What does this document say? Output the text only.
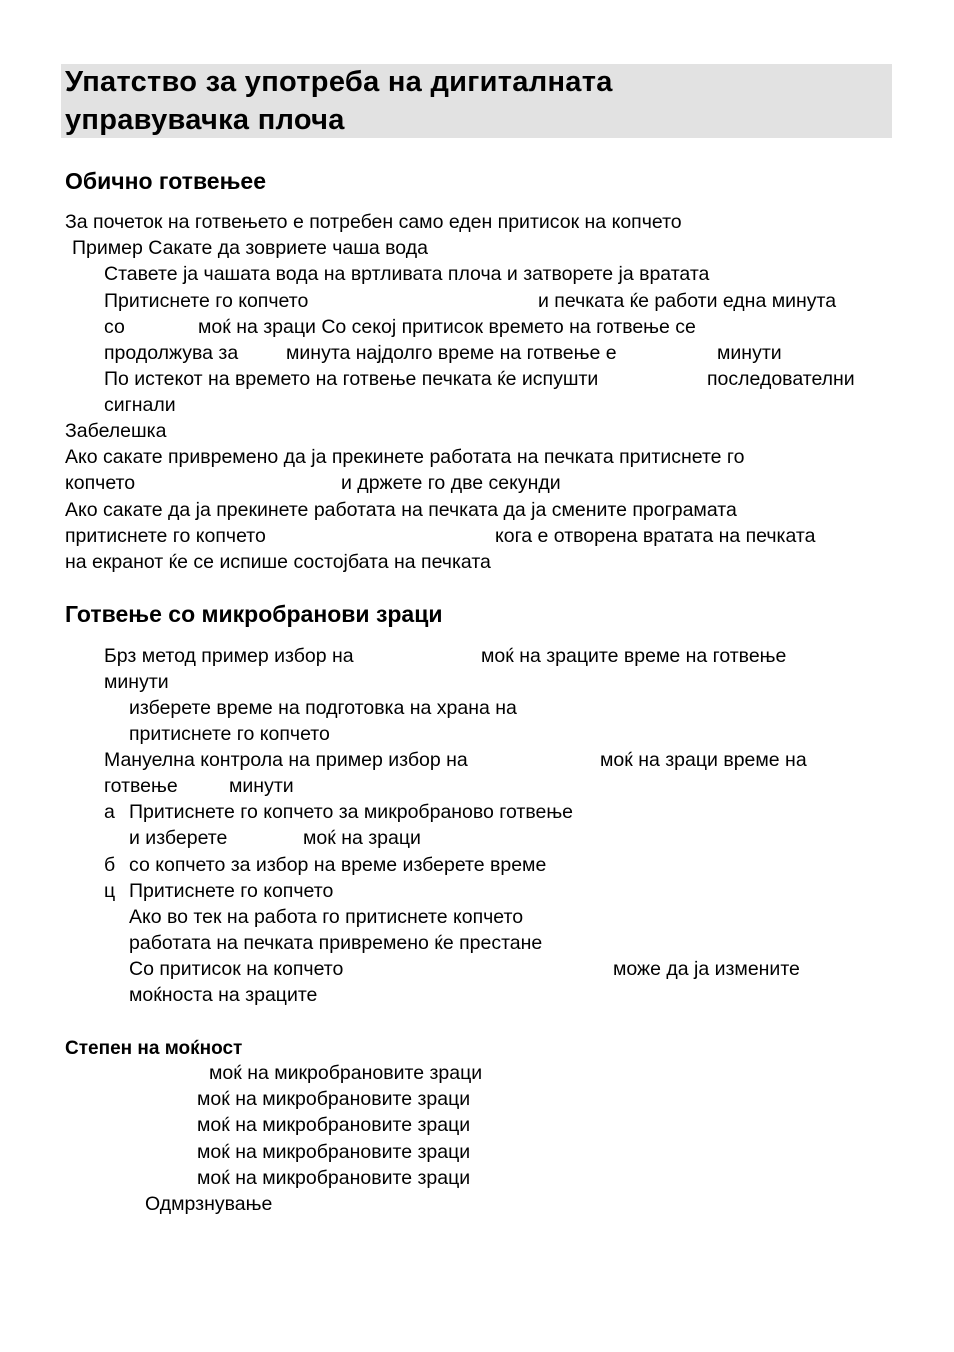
Упатство за употреба на дигиталната
управувачка плоча
Обично готвењее
За почеток на готвењето е потребен само еден притисок на копчето
Пример Сакате да зовриете чаша вода
Ставете ја чашата вода на вртливата плоча и затворете ја вратата
Притиснете го копчето	и печката ќе работи една минута
со	моќ на зраци Со секој притисок времето на готвење се
продолжува за минута најдолго време на готвење е	минути
По истекот на времето на готвење печката ќе испушти	последователни
сигнали
Забелешка
Ако сакате привремено да ја прекинете работата на печката притиснете го
копчето	и држете го две секунди
Ако сакате да ја прекинете работата на печката да ја смените програмата
притиснете го копчето	кога е отворена вратата на печката
на екранот ќе се испише состојбата на печката
Готвење со микробранови зраци
Брз метод пример избор на	моќ на зраците време на готвење
минути
изберете време на подготовка на храна на
притиснете го копчето
Мануелна контрола на пример избор на	моќ на зраци време на
готвење	минути
а Притиснете го копчето за микробраново готвење
и изберете	моќ на зраци
б со копчето за избор на време изберете време
ц Притиснете го копчето
Ако во тек на работа го притиснете копчето
работата на печката привремено ќе престане
Со притисок на копчето	може да ја измените
моќноста на зраците
Степен на моќност
моќ на микробрановите зраци
моќ на микробрановите зраци
моќ на микробрановите зраци
моќ на микробрановите зраци
моќ на микробрановите зраци
Одмрзнување
